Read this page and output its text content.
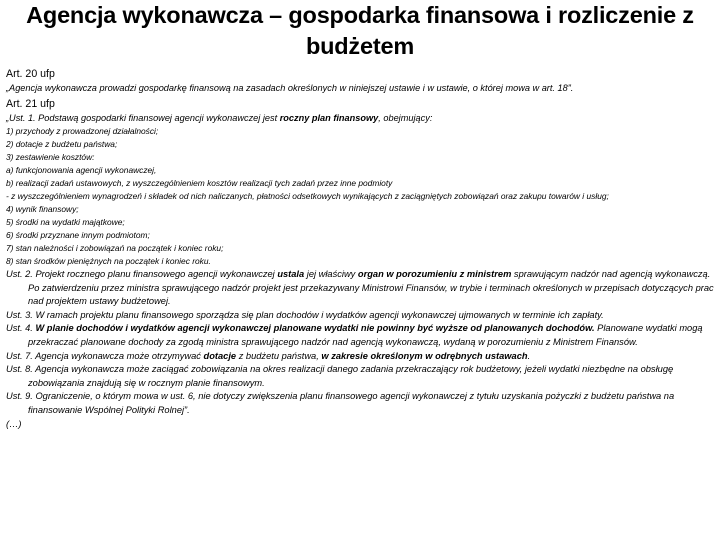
Agencja wykonawcza – gospodarka finansowa i rozliczenie z budżetem

Art. 20 ufp

„Agencja wykonawcza prowadzi gospodarkę finansową na zasadach określonych w niniejszej ustawie i w ustawie, o której mowa w art. 18”.

Art. 21 ufp

„Ust. 1. Podstawą gospodarki finansowej agencji wykonawczej jest roczny plan finansowy, obejmujący:

1) przychody z prowadzonej działalności;

2) dotacje z budżetu państwa;

3) zestawienie kosztów:

a) funkcjonowania agencji wykonawczej,

b) realizacji zadań ustawowych, z wyszczególnieniem kosztów realizacji tych zadań przez inne podmioty

- z wyszczególnieniem wynagrodzeń i składek od nich naliczanych, płatności odsetkowych wynikających z zaciągniętych zobowiązań oraz zakupu towarów i usług;

4) wynik finansowy;

5) środki na wydatki majątkowe;

6) środki przyznane innym podmiotom;

7) stan należności i zobowiązań na początek i koniec roku;

8) stan środków pieniężnych na początek i koniec roku.

Ust. 2. Projekt rocznego planu finansowego agencji wykonawczej ustala jej właściwy organ w porozumieniu z ministrem sprawującym nadzór nad agencją wykonawczą. Po zatwierdzeniu przez ministra sprawującego nadzór projekt jest przekazywany Ministrowi Finansów, w trybie i terminach określonych w przepisach dotyczących prac nad projektem ustawy budżetowej.

Ust. 3. W ramach projektu planu finansowego sporządza się plan dochodów i wydatków agencji wykonawczej ujmowanych w terminie ich zapłaty.

Ust. 4. W planie dochodów i wydatków agencji wykonawczej planowane wydatki nie powinny być wyższe od planowanych dochodów. Planowane wydatki mogą przekraczać planowane dochody za zgodą ministra sprawującego nadzór nad agencją wykonawczą, wydaną w porozumieniu z Ministrem Finansów.

Ust. 7. Agencja wykonawcza może otrzymywać dotacje z budżetu państwa, w zakresie określonym w odrębnych ustawach.

Ust. 8. Agencja wykonawcza może zaciągać zobowiązania na okres realizacji danego zadania przekraczający rok budżetowy, jeżeli wydatki niezbędne na obsługę zobowiązania znajdują się w rocznym planie finansowym.

Ust. 9. Ograniczenie, o którym mowa w ust. 6, nie dotyczy zwiększenia planu finansowego agencji wykonawczej z tytułu uzyskania pożyczki z budżetu państwa na finansowanie Wspólnej Polityki Rolnej”.

(…)
